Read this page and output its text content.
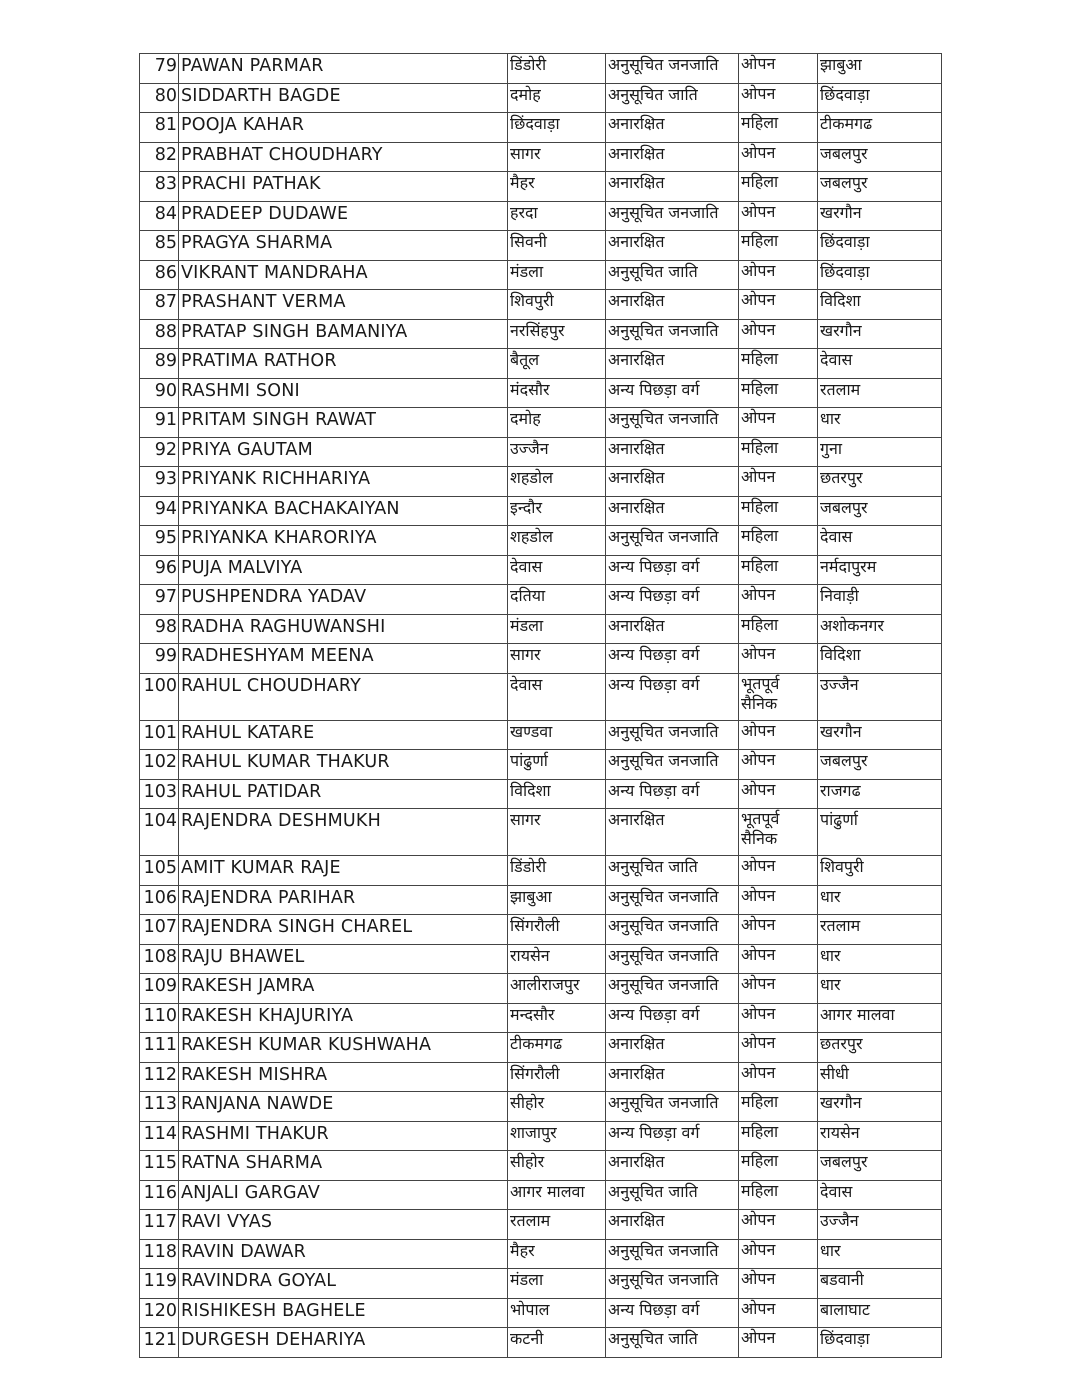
79	PAWAN PARMAR	डिंडोरी	अनुसूचित जनजाति	ओपन	झाबुआ
80	SIDDARTH BAGDE	दमोह	अनुसूचित जाति	ओपन	छिंदवाड़ा
81	POOJA KAHAR	छिंदवाड़ा	अनारक्षित	महिला	टीकमगढ
82	PRABHAT CHOUDHARY	सागर	अनारक्षित	ओपन	जबलपुर
83	PRACHI PATHAK	मैहर	अनारक्षित	महिला	जबलपुर
84	PRADEEP DUDAWE	हरदा	अनुसूचित जनजाति	ओपन	खरगौन
85	PRAGYA SHARMA	सिवनी	अनारक्षित	महिला	छिंदवाड़ा
86	VIKRANT MANDRAHA	मंडला	अनुसूचित जाति	ओपन	छिंदवाड़ा
87	PRASHANT VERMA	शिवपुरी	अनारक्षित	ओपन	विदिशा
88	PRATAP SINGH BAMANIYA	नरसिंहपुर	अनुसूचित जनजाति	ओपन	खरगौन
89	PRATIMA RATHOR	बैतूल	अनारक्षित	महिला	देवास
90	RASHMI SONI	मंंदसौर	अन्य पिछड़ा वर्ग	महिला	रतलाम
91	PRITAM SINGH RAWAT	दमोह	अनुसूचित जनजाति	ओपन	धार
92	PRIYA GAUTAM	उज्जैन	अनारक्षित	महिला	गुना
93	PRIYANK RICHHARIYA	शहडोल	अनारक्षित	ओपन	छतरपुर
94	PRIYANKA BACHAKAIYAN	इन्दौर	अनारक्षित	महिला	जबलपुर
95	PRIYANKA KHARORIYA	शहडोल	अनुसूचित जनजाति	महिला	देवास
96	PUJA MALVIYA	देवास	अन्य पिछड़ा वर्ग	महिला	नर्मदापुरम
97	PUSHPENDRA YADAV	दतिया	अन्य पिछड़ा वर्ग	ओपन	निवाड़ी
98	RADHA RAGHUWANSHI	मंडला	अनारक्षित	महिला	अशोकनगर
99	RADHESHYAM MEENA	सागर	अन्य पिछड़ा वर्ग	ओपन	विदिशा
100	RAHUL CHOUDHARY	देवास	अन्य पिछड़ा वर्ग	भूतपूर्व सैनिक	उज्जैन
101	RAHUL KATARE	खण्डवा	अनुसूचित जनजाति	ओपन	खरगौन
102	RAHUL KUMAR THAKUR	पांढुर्णा	अनुसूचित जनजाति	ओपन	जबलपुर
103	RAHUL PATIDAR	विदिशा	अन्य पिछड़ा वर्ग	ओपन	राजगढ
104	RAJENDRA DESHMUKH	सागर	अनारक्षित	भूतपूर्व सैनिक	पांढुर्णा
105	AMIT KUMAR RAJE	डिंडोरी	अनुसूचित जाति	ओपन	शिवपुरी
106	RAJENDRA PARIHAR	झाबुआ	अनुसूचित जनजाति	ओपन	धार
107	RAJENDRA SINGH CHAREL	सिंगरौली	अनुसूचित जनजाति	ओपन	रतलाम
108	RAJU BHAWEL	रायसेन	अनुसूचित जनजाति	ओपन	धार
109	RAKESH JAMRA	आलीराजपुर	अनुसूचित जनजाति	ओपन	धार
110	RAKESH KHAJURIYA	मन्दसौर	अन्य पिछड़ा वर्ग	ओपन	आगर मालवा
111	RAKESH KUMAR KUSHWAHA	टीकमगढ	अनारक्षित	ओपन	छतरपुर
112	RAKESH MISHRA	सिंगरौली	अनारक्षित	ओपन	सीधी
113	RANJANA NAWDE	सीहोर	अनुसूचित जनजाति	महिला	खरगौन
114	RASHMI THAKUR	शाजापुर	अन्य पिछड़ा वर्ग	महिला	रायसेन
115	RATNA SHARMA	सीहोर	अनारक्षित	महिला	जबलपुर
116	ANJALI GARGAV	आगर मालवा	अनुसूचित जाति	महिला	देवास
117	RAVI VYAS	रतलाम	अनारक्षित	ओपन	उज्जैन
118	RAVIN DAWAR	मैहर	अनुसूचित जनजाति	ओपन	धार
119	RAVINDRA GOYAL	मंडला	अनुसूचित जनजाति	ओपन	बडवानी
120	RISHIKESH BAGHELE	भोपाल	अन्य पिछड़ा वर्ग	ओपन	बालाघाट
121	DURGESH DEHARIYA	कटनी	अनुसूचित जाति	ओपन	छिंदवाड़ा
